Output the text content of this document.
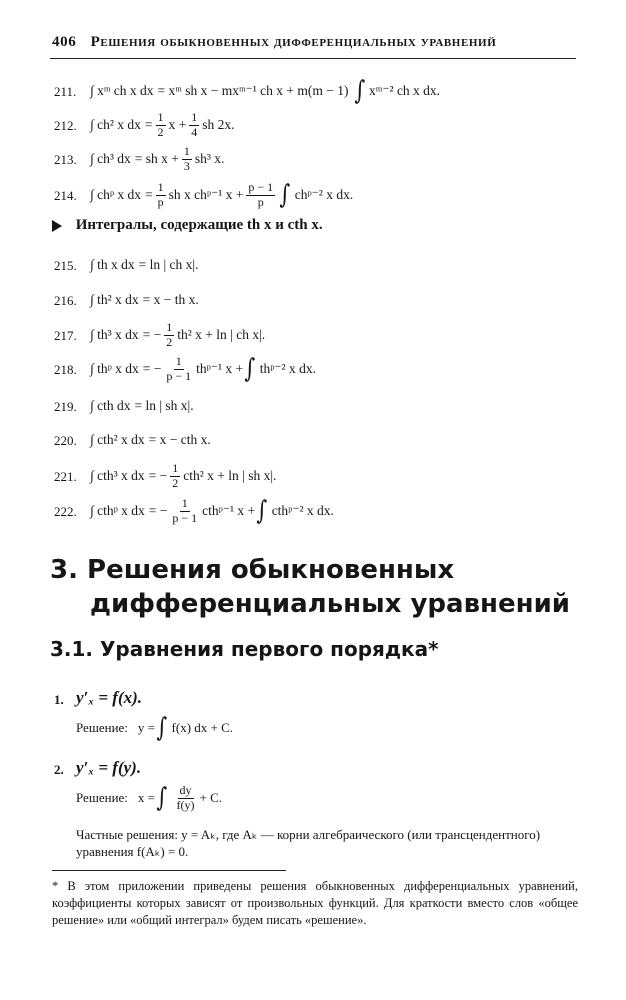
406 Решения обыкновенных дифференциальных уравнений
211.	∫ xᵐ ch x dx = xᵐ sh x − mxᵐ⁻¹ ch x + m(m − 1) ∫ xᵐ⁻² ch x dx.
212. ∫ ch² x dx = $\frac{1}{2}$ $x + \frac{1}{4}$ sh 2x.
213. ∫ ch³ dx = sh $x + \frac{1}{3} sh^3$ x.
214. ∫ chᵖ x dx = $\frac{1}{p}$ sh x chᵖ⁻¹ $x + \frac{p - 1}{p}$ ∫ chᵖ⁻² x dx.
Интегралы, содержащие th x и cth x.
215. ∫ th x dx = ln | ch x|.
216. ∫ th² x dx = x − th x.
217. ∫ th³ x dx = − $\frac{1}{2} th^2$ x + ln | ch x|.
218. ∫ thᵖ x dx = − $\frac{1}{p - 1}$ thᵖ⁻¹ x + ∫ thᵖ⁻² x dx.
219. ∫ cth dx = ln | sh x|.
220. ∫ cth² x dx = x − cth x.
221. ∫ cth³ x dx = − $\frac{1}{2} cth^2$ x + ln | sh x|.
222. ∫ cthᵖ x dx = − $\frac{1}{p - 1}$ cthᵖ⁻¹ x + ∫ cthᵖ⁻² x dx.
3. Решения обыкновенных
дифференциальных уравнений
3.1. Уравнения первого порядка*
1. y′ₓ = f(x).
Решение: y = ∫ f(x) dx + C.
2. y′ₓ = f(y).
Решение: x = ∫ $\frac{dy}{f(y)} + C$.
Частные решения: y = Aₖ, где Aₖ — корни алгебраического (или трансцендентного) уравнения f(Aₖ) = 0.
* В этом приложении приведены решения обыкновенных дифференциальных уравнений, коэффициенты которых зависят от произвольных функций. Для краткости вместо слов «общее решение» или «общий интеграл» будем писать «решение».
